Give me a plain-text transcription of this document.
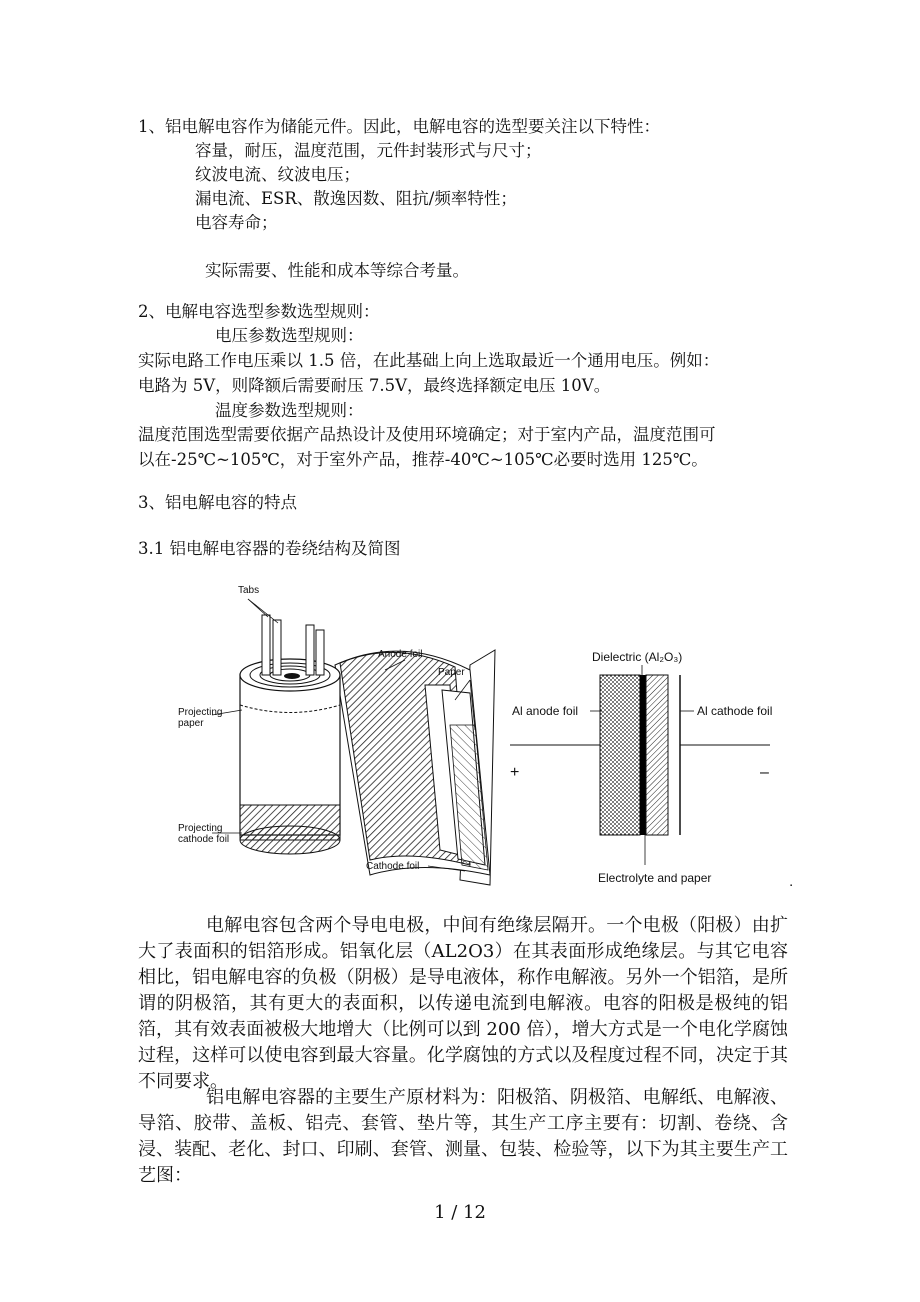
1、铝电解电容作为储能元件。因此，电解电容的选型要关注以下特性：
容量，耐压，温度范围，元件封装形式与尺寸；
纹波电流、纹波电压；
漏电流、ESR、散逸因数、阻抗/频率特性；
电容寿命；
实际需要、性能和成本等综合考量。
2、电解电容选型参数选型规则：
电压参数选型规则：
实际电路工作电压乘以 1.5 倍，在此基础上向上选取最近一个通用电压。例如：
电路为 5V，则降额后需要耐压 7.5V，最终选择额定电压 10V。
温度参数选型规则：
温度范围选型需要依据产品热设计及使用环境确定；对于室内产品，温度范围可
以在-25℃~105℃，对于室外产品，推荐-40℃~105℃必要时选用 125℃。
3、铝电解电容的特点
3.1 铝电解电容器的卷绕结构及简图
Tabs
Anode foil
Paper
Projecting paper
Projecting cathode foil
Cathode foil
Dielectric (Al₂O₃)
Al anode foil	Al cathode foil
+	–
Electrolyte and paper
▪
电解电容包含两个导电电极，中间有绝缘层隔开。一个电极（阳极）由扩大了表面积的铝箔形成。铝氧化层（AL2O3）在其表面形成绝缘层。与其它电容相比，铝电解电容的负极（阴极）是导电液体，称作电解液。另外一个铝箔，是所谓的阴极箔，其有更大的表面积，以传递电流到电解液。电容的阳极是极纯的铝箔，其有效表面被极大地增大（比例可以到 200 倍），增大方式是一个电化学腐蚀过程，这样可以使电容到最大容量。化学腐蚀的方式以及程度过程不同，决定于其不同要求。
铝电解电容器的主要生产原材料为：阳极箔、阴极箔、电解纸、电解液、导箔、胶带、盖板、铝壳、套管、垫片等，其生产工序主要有：切割、卷绕、含浸、装配、老化、封口、印刷、套管、测量、包装、检验等，以下为其主要生产工艺图：
1 / 12
